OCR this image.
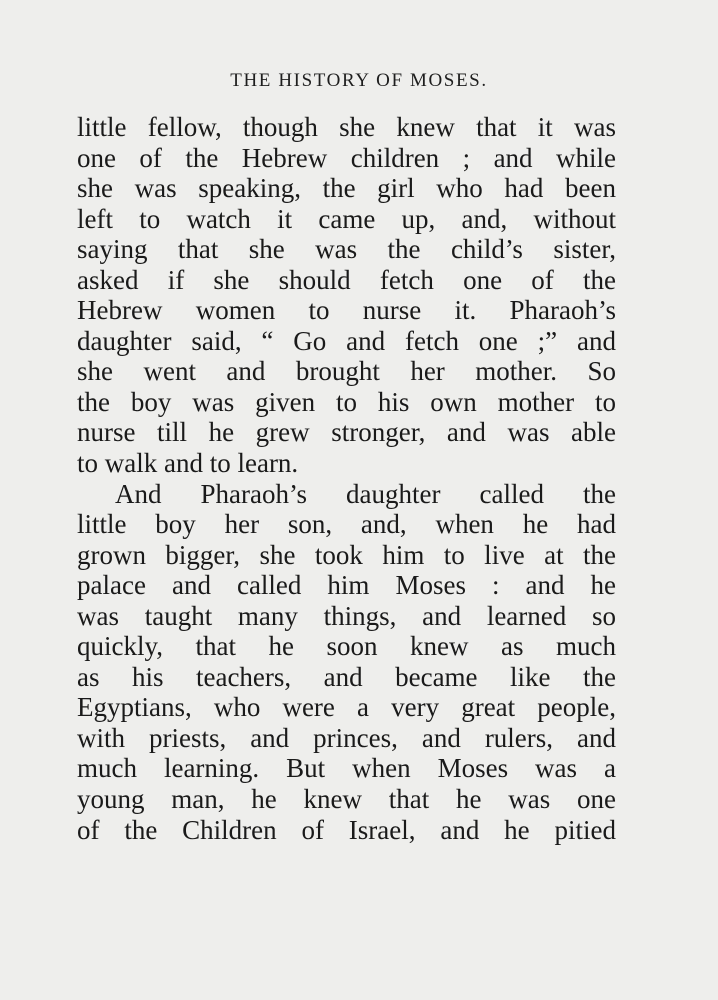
THE HISTORY OF MOSES.
little fellow, though she knew that it was
one of the Hebrew children ; and while
she was speaking, the girl who had been
left to watch it came up, and, without
saying that she was the child’s sister,
asked if she should fetch one of the
Hebrew women to nurse it. Pharaoh’s
daughter said, “ Go and fetch one ;” and
she went and brought her mother. So
the boy was given to his own mother to
nurse till he grew stronger, and was able
to walk and to learn.
And Pharaoh’s daughter called the
little boy her son, and, when he had
grown bigger, she took him to live at the
palace and called him Moses : and he
was taught many things, and learned so
quickly, that he soon knew as much
as his teachers, and became like the
Egyptians, who were a very great people,
with priests, and princes, and rulers, and
much learning. But when Moses was a
young man, he knew that he was one
of the Children of Israel, and he pitied
